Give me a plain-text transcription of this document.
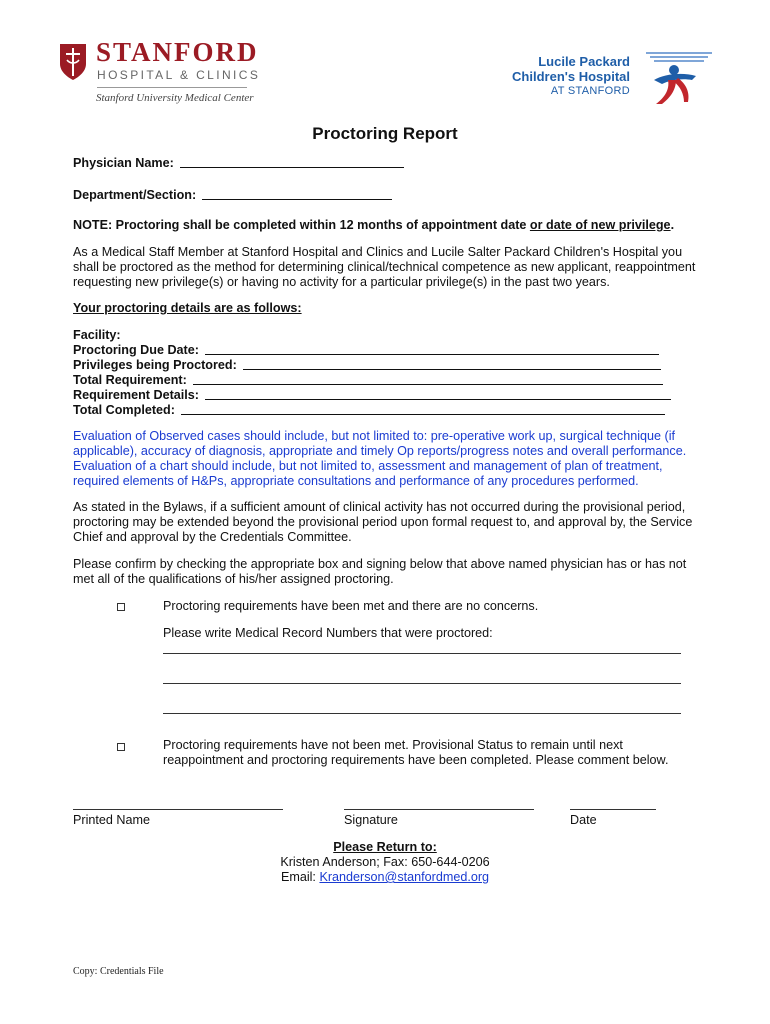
STANFORD
HOSPITAL & CLINICS
Stanford University Medical Center
Lucile Packard
Children's Hospital
AT STANFORD
Proctoring Report
Physician Name:
Department/Section:
NOTE: Proctoring shall be completed within 12 months of appointment date or date of new privilege.
As a Medical Staff Member at Stanford Hospital and Clinics and Lucile Salter Packard Children's Hospital you shall be proctored as the method for determining clinical/technical competence as new applicant, reappointment requesting new privilege(s) or having no activity for a particular privilege(s) in the past two years.
Your proctoring details are as follows:
Facility:
Proctoring Due Date:
Privileges being Proctored:
Total Requirement:
Requirement Details:
Total Completed:
Evaluation of Observed cases should include, but not limited to: pre-operative work up, surgical technique (if applicable), accuracy of diagnosis, appropriate and timely Op reports/progress notes and overall performance. Evaluation of a chart should include, but not limited to, assessment and management of plan of treatment, required elements of H&Ps, appropriate consultations and performance of any procedures performed.
As stated in the Bylaws, if a sufficient amount of clinical activity has not occurred during the provisional period, proctoring may be extended beyond the provisional period upon formal request to, and approval by, the Service Chief and approval by the Credentials Committee.
Please confirm by checking the appropriate box and signing below that above named physician has or has not met all of the qualifications of his/her assigned proctoring.
Proctoring requirements have been met and there are no concerns.
Please write Medical Record Numbers that were proctored:
Proctoring requirements have not been met. Provisional Status to remain until next reappointment and proctoring requirements have been completed. Please comment below.
Printed Name	Signature	Date
Please Return to:
Kristen Anderson; Fax: 650-644-0206
Email: Kranderson@stanfordmed.org
Copy: Credentials File
